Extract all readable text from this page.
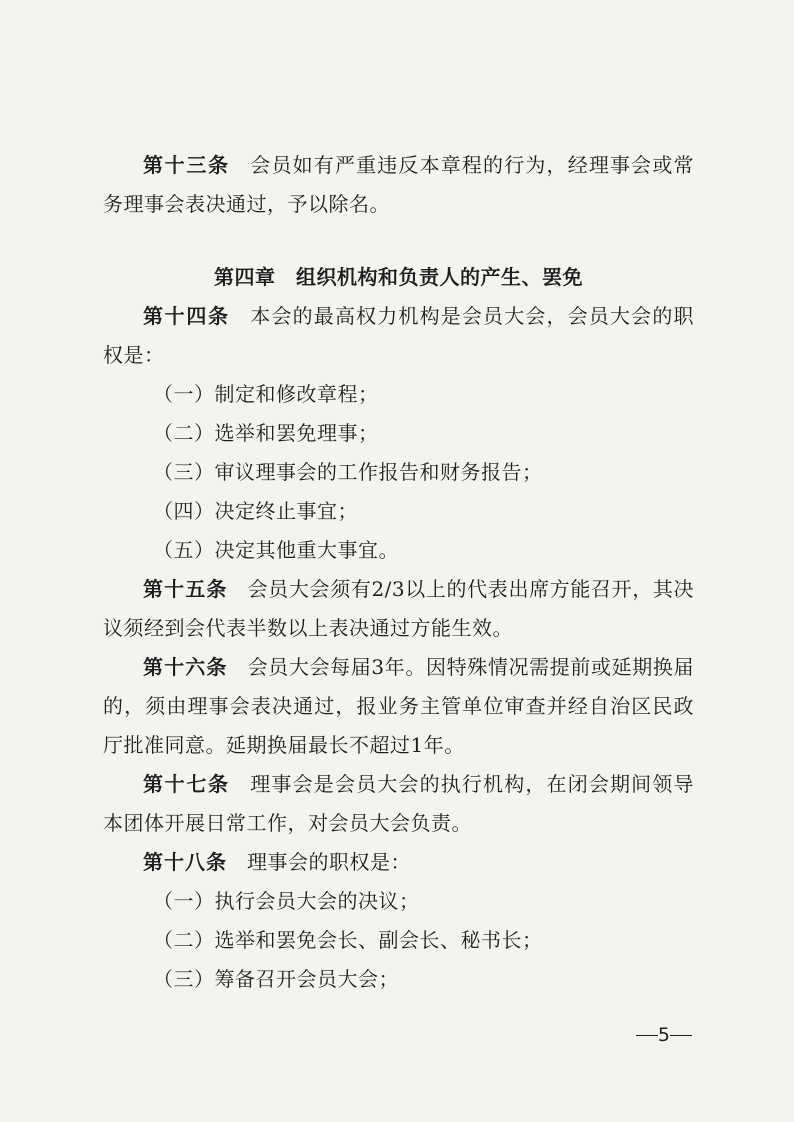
第十三条 会员如有严重违反本章程的行为，经理事会或常务理事会表决通过，予以除名。

第四章　组织机构和负责人的产生、罢免

第十四条 本会的最高权力机构是会员大会，会员大会的职权是：

（一）制定和修改章程；

（二）选举和罢免理事；

（三）审议理事会的工作报告和财务报告；

（四）决定终止事宜；

（五）决定其他重大事宜。

第十五条 会员大会须有2/3以上的代表出席方能召开，其决议须经到会代表半数以上表决通过方能生效。

第十六条 会员大会每届3年。因特殊情况需提前或延期换届的，须由理事会表决通过，报业务主管单位审查并经自治区民政厅批准同意。延期换届最长不超过1年。

第十七条 理事会是会员大会的执行机构，在闭会期间领导本团体开展日常工作，对会员大会负责。

第十八条 理事会的职权是：

（一）执行会员大会的决议；

（二）选举和罢免会长、副会长、秘书长；

（三）筹备召开会员大会；

5
